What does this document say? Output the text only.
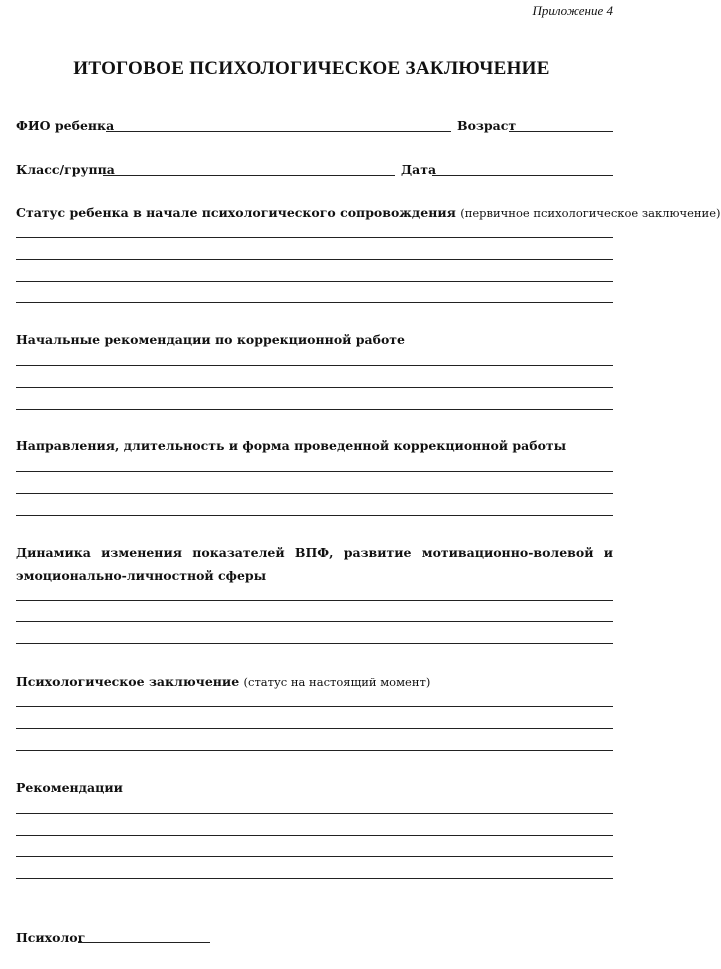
Приложение 4
ИТОГОВОЕ ПСИХОЛОГИЧЕСКОЕ ЗАКЛЮЧЕНИЕ
ФИО ребенка	Возраст
Класс/группа	Дата
Статус ребенка в начале психологического сопровождения (первичное психологическое заключение)
Начальные рекомендации по коррекционной работе
Направления, длительность и форма проведенной коррекционной работы
Динамика изменения показателей ВПФ, развитие мотивационно-волевой и эмоционально-личностной сферы
Психологическое заключение (статус на настоящий момент)
Рекомендации
Психолог
